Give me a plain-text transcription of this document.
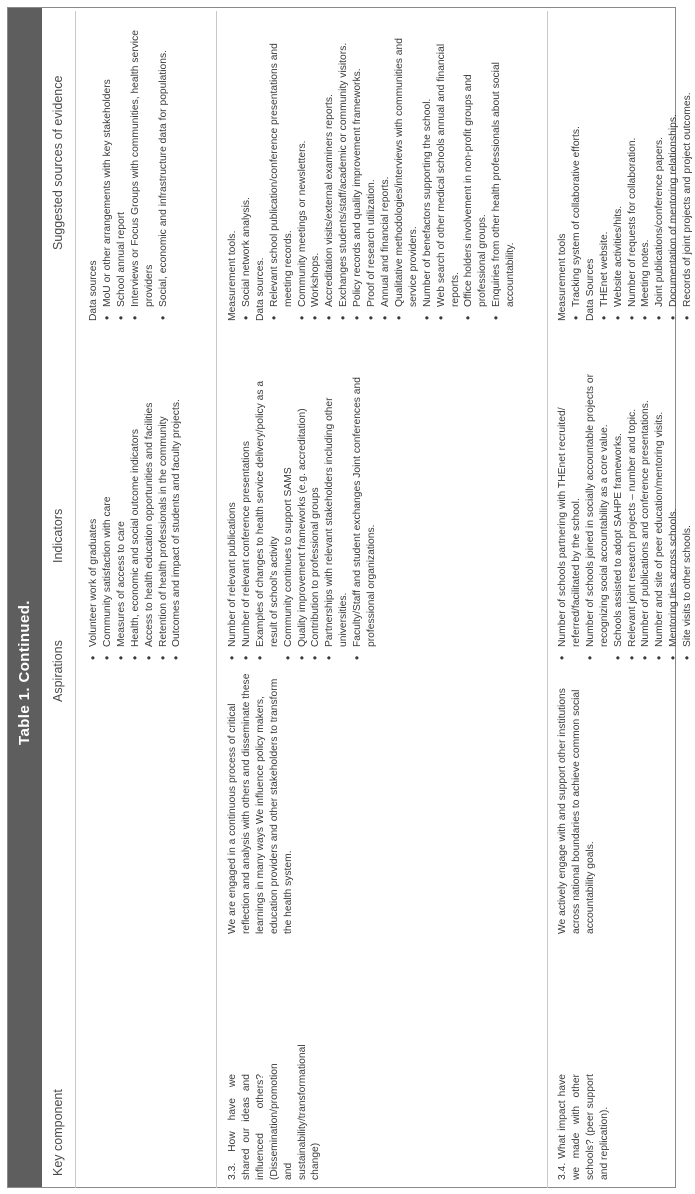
Table 1. Continued.
Key component
Aspirations
Indicators
Suggested sources of evidence
• Volunteer work of graduates • Community satisfaction with care • Measures of access to care • Health, economic and social outcome indicators • Access to health education opportunities and facilities • Retention of health professionals in the community • Outcomes and impact of students and faculty projects.

Data sources • MoU or other arrangements with key stakeholders • School annual report • Interviews or Focus Groups with communities, health service providers • Social, economic and infrastructure data for populations.
3.3. How have we shared our ideas and influenced others? (Dissemination/promotion and sustainability/transformational change)
We are engaged in a continuous process of critical reflection and analysis with others and disseminate these learnings in many ways We influence policy makers, education providers and other stakeholders to transform the health system.
• Number of relevant publications • Number of relevant conference presentations • Examples of changes to health service delivery/policy as a result of school's activity • Community continues to support SAMS • Quality improvement frameworks (e.g. accreditation) • Contribution to professional groups • Partnerships with relevant stakeholders including other universities. • Faculty/Staff and student exchanges Joint conferences and professional organizations.

Measurement tools. • Social network analysis. Data sources. • Relevant school publication/conference presentations and meeting records. • Community meetings or newsletters. • Workshops. • Accreditation visits/external examiners reports. • Exchanges students/staff/academic or community visitors. • Policy records and quality improvement frameworks. • Proof of research utilization. • Annual and financial reports. • Qualitative methodologies/interviews with communities and service providers. • Number of benefactors supporting the school. • Web search of other medical schools annual and financial reports. • Office holders involvement in non-profit groups and professional groups. • Enquiries from other health professionals about social accountability.
3.4. What impact have we made with other schools? (peer support and replication).
We actively engage with and support other institutions across national boundaries to achieve common social accountability goals.
• Number of schools partnering with THEnet recruited/ referred/facilitated by the school. • Number of schools joined in socially accountable projects or recognizing social accountability as a core value. • Schools assisted to adopt SAHPE frameworks. • Relevant joint research projects – number and topic. • Number of publications and conference presentations. • Number and site of peer education/mentoring visits. • Mentoring ties across schools. • Site visits to other schools.

Measurement tools • Tracking system of collaborative efforts. Data Sources • THEnet website. • Website activities/hits. • Number of requests for collaboration. • Meeting notes. • Joint publications/conference papers. • Documentation of mentoring relationships. • Records of joint projects and project outcomes.
